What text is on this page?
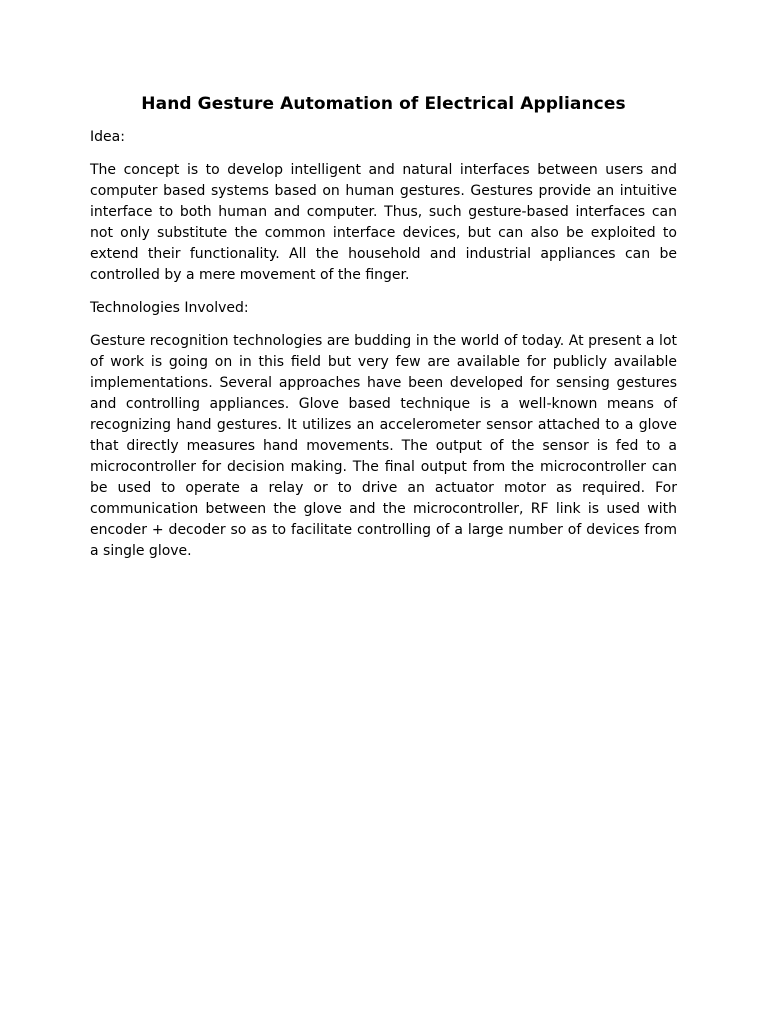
Hand Gesture Automation of Electrical Appliances

Idea:

The concept is to develop intelligent and natural interfaces between users and computer based systems based on human gestures. Gestures provide an intuitive interface to both human and computer. Thus, such gesture-based interfaces can not only substitute the common interface devices, but can also be exploited to extend their functionality. All the household and industrial appliances can be controlled by a mere movement of the finger.

Technologies Involved:

Gesture recognition technologies are budding in the world of today. At present a lot of work is going on in this field but very few are available for publicly available implementations. Several approaches have been developed for sensing gestures and controlling appliances. Glove based technique is a well-known means of recognizing hand gestures. It utilizes an accelerometer sensor attached to a glove that directly measures hand movements. The output of the sensor is fed to a microcontroller for decision making. The final output from the microcontroller can be used to operate a relay or to drive an actuator motor as required. For communication between the glove and the microcontroller, RF link is used with encoder + decoder so as to facilitate controlling of a large number of devices from a single glove.
